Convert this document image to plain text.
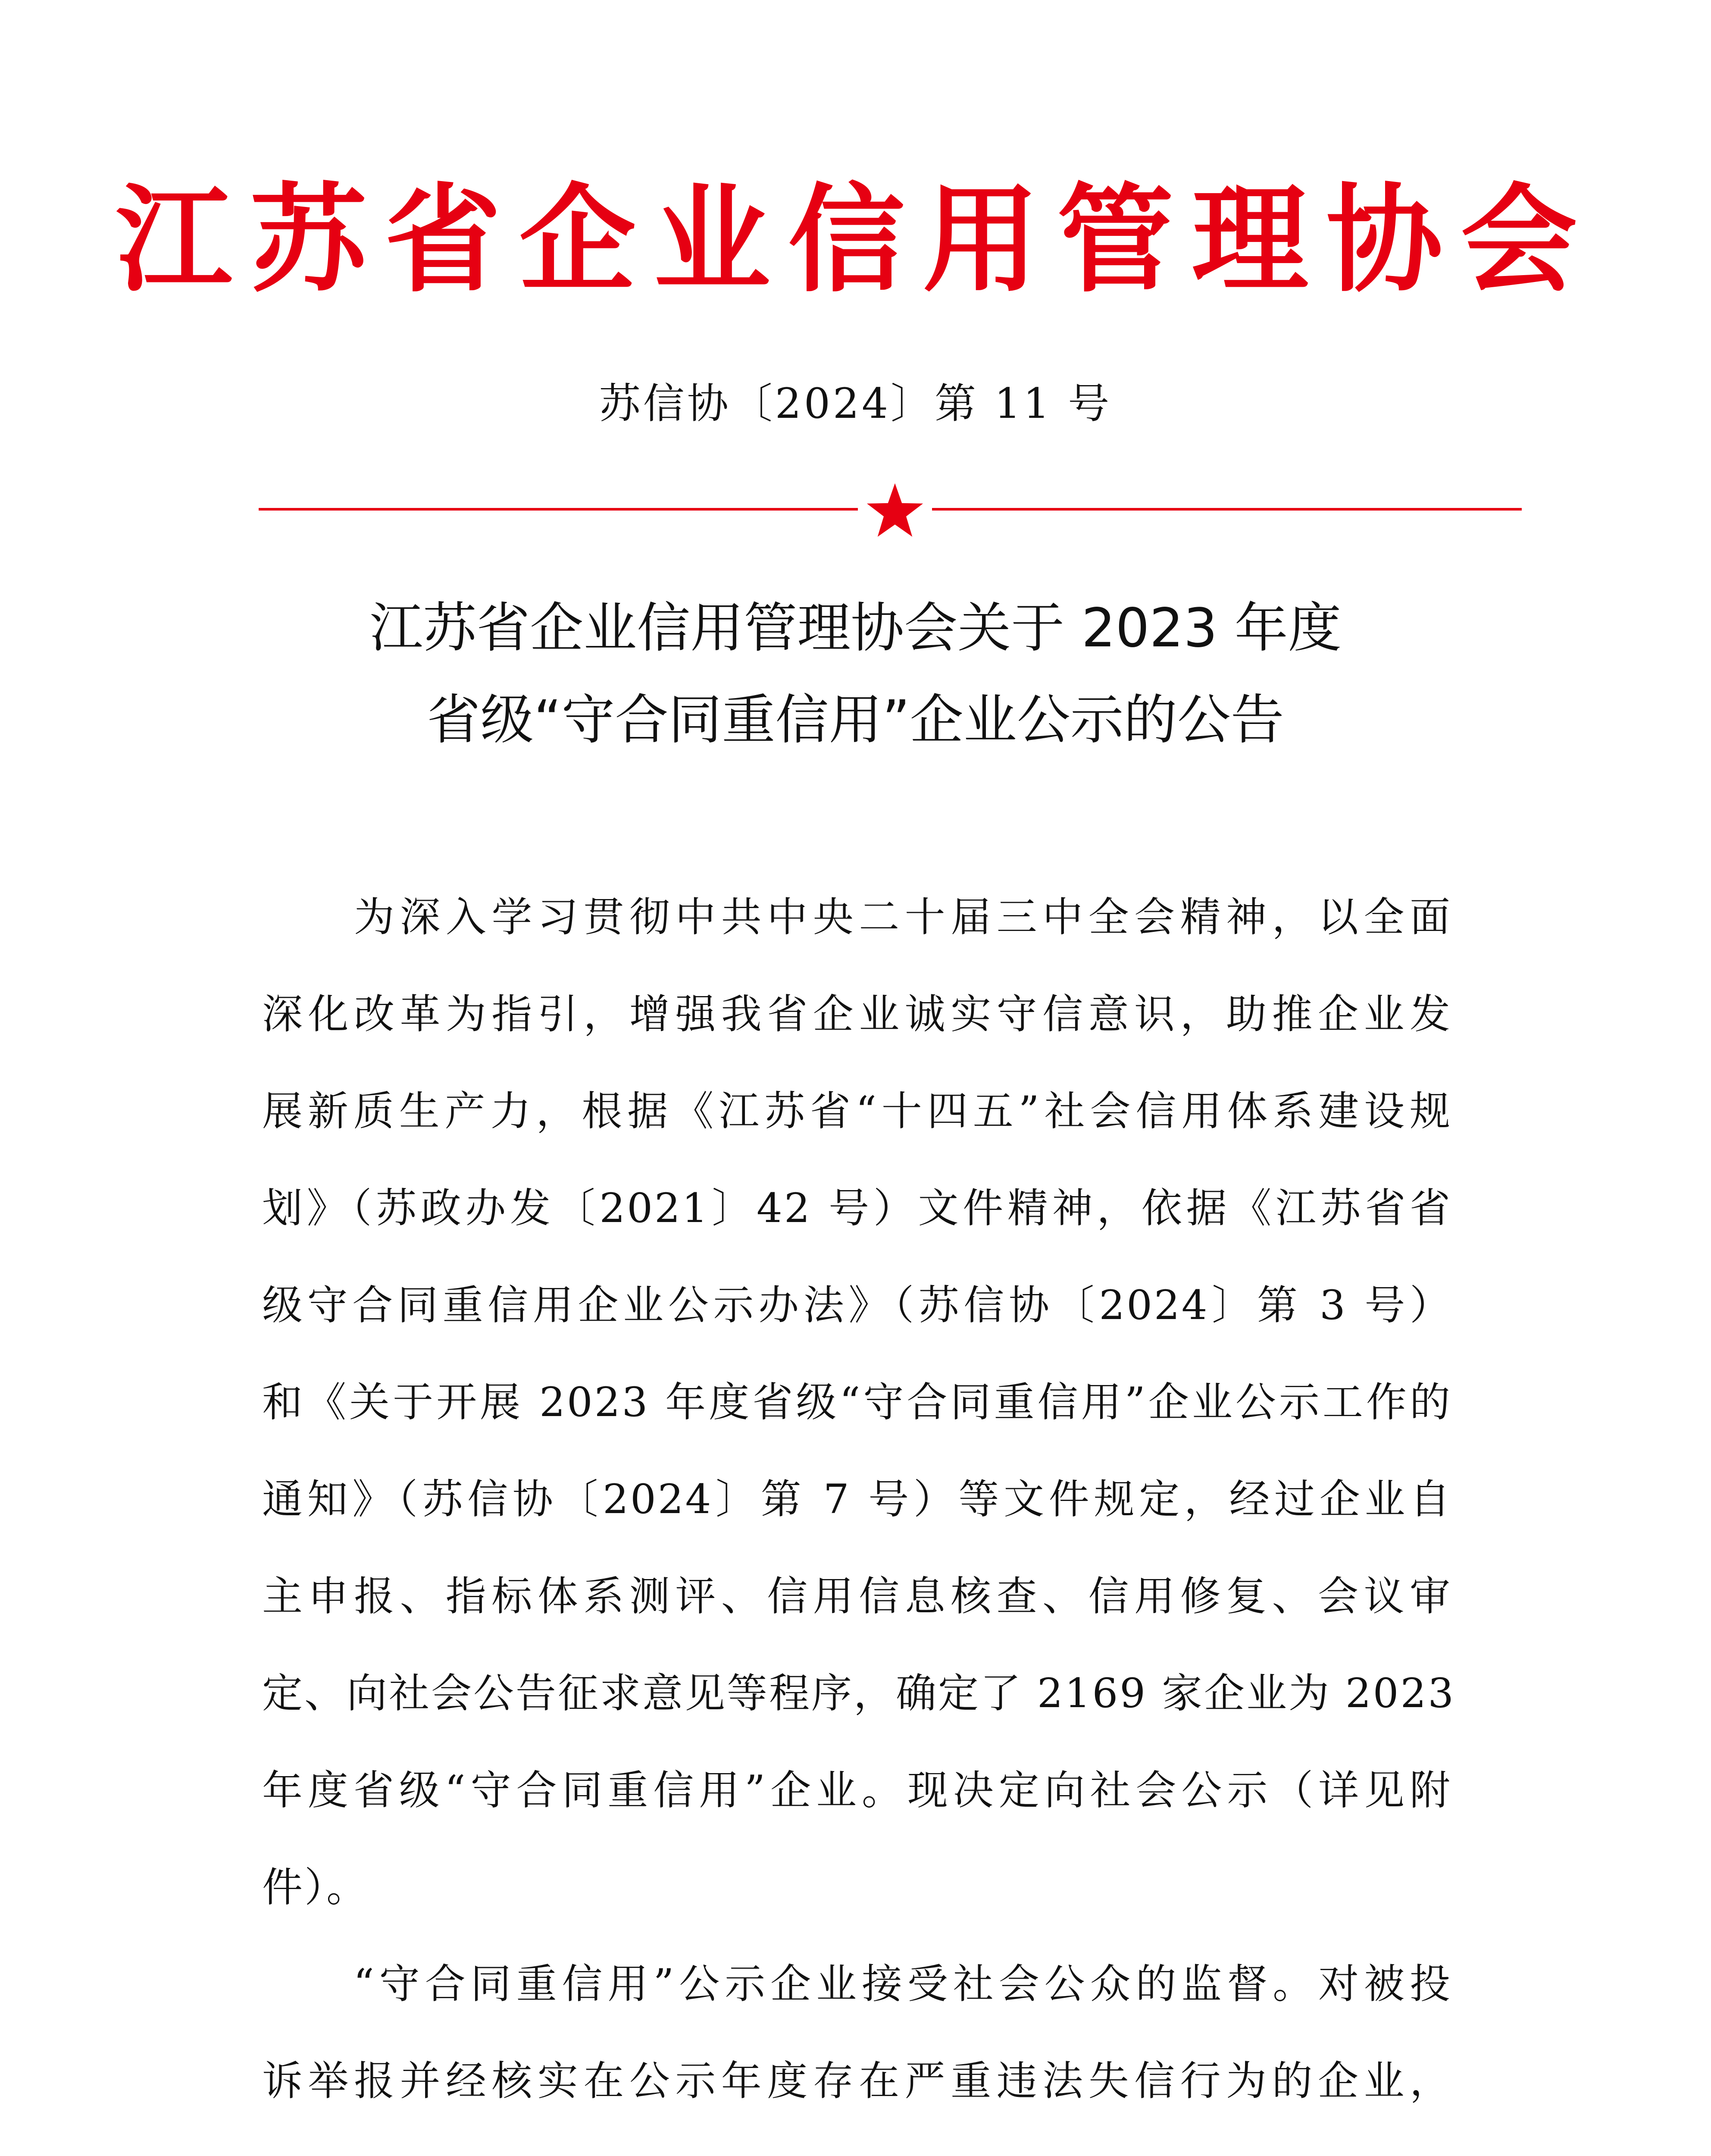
江苏省企业信用管理协会
苏信协〔2024〕第 11 号
江苏省企业信用管理协会关于 2023 年度
省级“守合同重信用”企业公示的公告
　　为深入学习贯彻中共中央二十届三中全会精神，以全面
深化改革为指引，增强我省企业诚实守信意识，助推企业发
展新质生产力，根据《江苏省“十四五”社会信用体系建设规
划》（苏政办发〔2021〕42 号）文件精神，依据《江苏省省
级守合同重信用企业公示办法》（苏信协〔2024〕第 3 号）
和《关于开展 2023 年度省级“守合同重信用”企业公示工作的
通知》（苏信协〔2024〕第 7 号）等文件规定，经过企业自
主申报、指标体系测评、信用信息核查、信用修复、会议审
定、向社会公告征求意见等程序，确定了 2169 家企业为 2023
年度省级“守合同重信用”企业。现决定向社会公示（详见附
件）。
　　“守合同重信用”公示企业接受社会公众的监督。对被投
诉举报并经核实在公示年度存在严重违法失信行为的企业，
